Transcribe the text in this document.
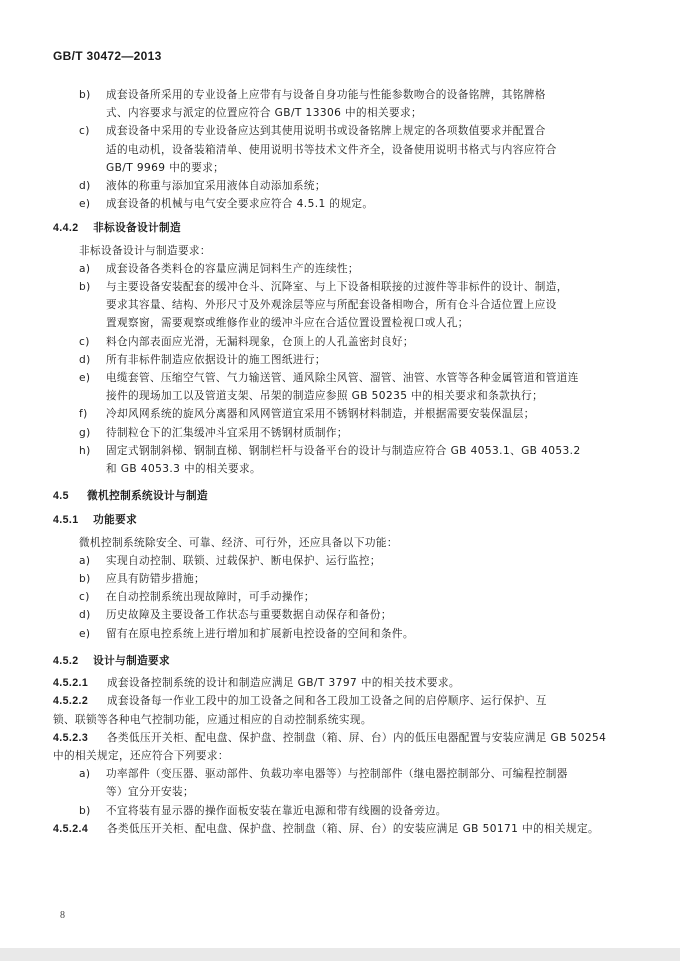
GB/T 30472—2013
b)	成套设备所采用的专业设备上应带有与设备自身功能与性能参数吻合的设备铭牌，其铭牌格
式、内容要求与派定的位置应符合 GB/T 13306 中的相关要求；
c)	成套设备中采用的专业设备应达到其使用说明书或设备铭牌上规定的各项数值要求并配置合
适的电动机，设备装箱清单、使用说明书等技术文件齐全，设备使用说明书格式与内容应符合
GB/T 9969 中的要求；
d)	液体的称重与添加宜采用液体自动添加系统；
e)	成套设备的机械与电气安全要求应符合 4.5.1 的规定。
4.4.2 非标设备设计制造
非标设备设计与制造要求：
a)	成套设备各类料仓的容量应满足饲料生产的连续性；
b)	与主要设备安装配套的缓冲仓斗、沉降室、与上下设备相联接的过渡件等非标件的设计、制造，
要求其容量、结构、外形尺寸及外观涂层等应与所配套设备相吻合，所有仓斗合适位置上应设
置观察窗，需要观察或维修作业的缓冲斗应在合适位置设置检视口或人孔；
c)	料仓内部表面应光滑，无漏料现象，仓顶上的人孔盖密封良好；
d)	所有非标件制造应依据设计的施工图纸进行；
e)	电缆套管、压缩空气管、气力输送管、通风除尘风管、溜管、油管、水管等各种金属管道和管道连
接件的现场加工以及管道支架、吊架的制造应参照 GB 50235 中的相关要求和条款执行；
f)	冷却风网系统的旋风分离器和风网管道宜采用不锈钢材料制造，并根据需要安装保温层；
g)	待制粒仓下的汇集缓冲斗宜采用不锈钢材质制作；
h)	固定式钢制斜梯、钢制直梯、钢制栏杆与设备平台的设计与制造应符合 GB 4053.1、GB 4053.2
和 GB 4053.3 中的相关要求。
4.5 微机控制系统设计与制造
4.5.1 功能要求
微机控制系统除安全、可靠、经济、可行外，还应具备以下功能：
a)	实现自动控制、联锁、过载保护、断电保护、运行监控；
b)	应具有防错步措施；
c)	在自动控制系统出现故障时，可手动操作；
d)	历史故障及主要设备工作状态与重要数据自动保存和备份；
e)	留有在原电控系统上进行增加和扩展新电控设备的空间和条件。
4.5.2 设计与制造要求
4.5.2.1	成套设备控制系统的设计和制造应满足 GB/T 3797 中的相关技术要求。
4.5.2.2	成套设备每一作业工段中的加工设备之间和各工段加工设备之间的启停顺序、运行保护、互
锁、联锁等各种电气控制功能，应通过相应的自动控制系统实现。
4.5.2.3	各类低压开关柜、配电盘、保护盘、控制盘（箱、屏、台）内的低压电器配置与安装应满足 GB 50254
中的相关规定，还应符合下列要求：
a)	功率部件（变压器、驱动部件、负载功率电器等）与控制部件（继电器控制部分、可编程控制器
等）宜分开安装；
b)	不宜将装有显示器的操作面板安装在靠近电源和带有线圈的设备旁边。
4.5.2.4	各类低压开关柜、配电盘、保护盘、控制盘（箱、屏、台）的安装应满足 GB 50171 中的相关规定。
8
